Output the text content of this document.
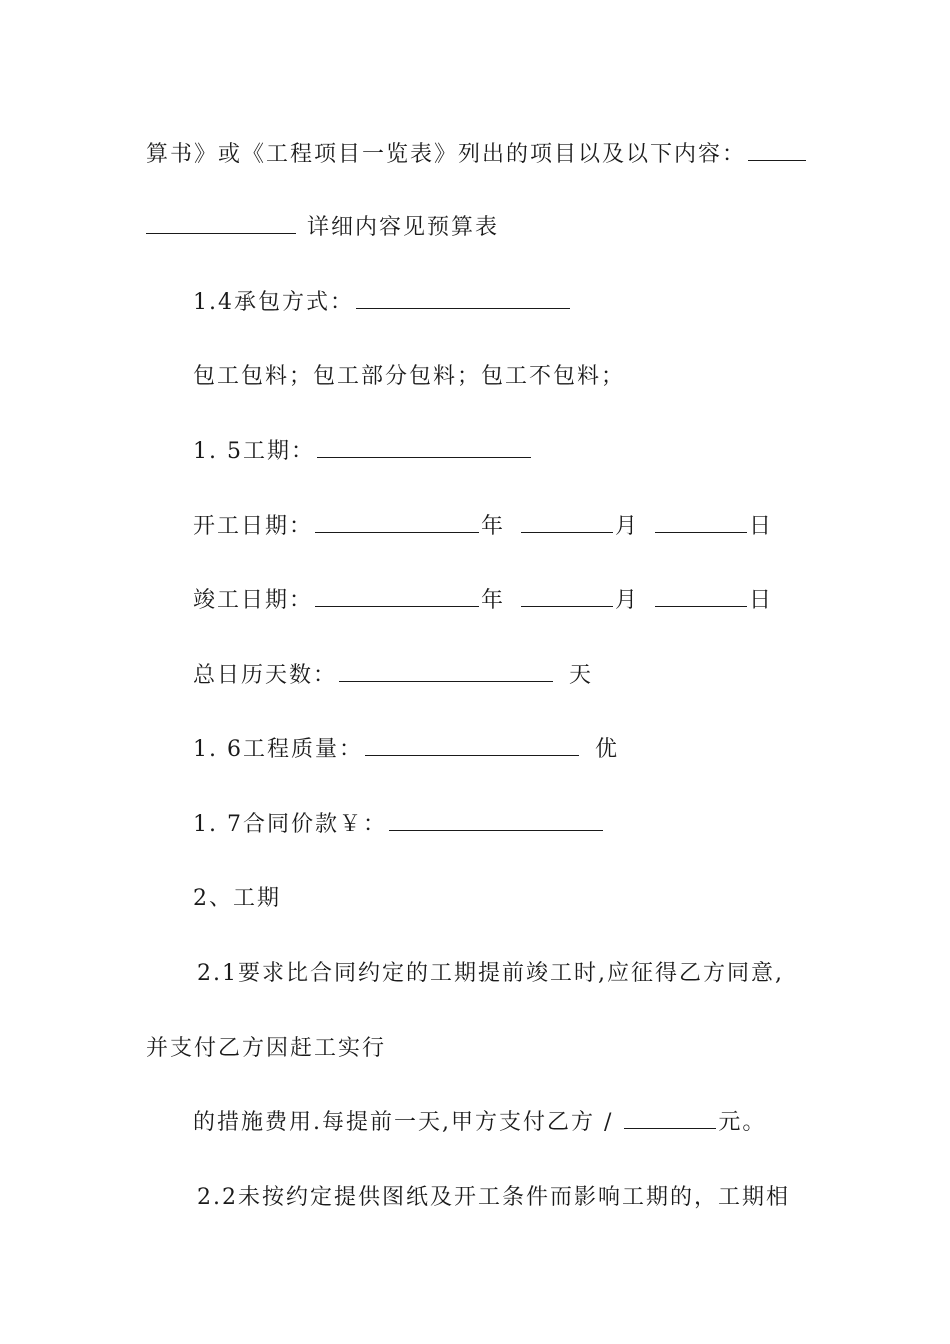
算书》或《工程项目一览表》列出的项目以及以下内容：
详细内容见预算表
1.4承包方式：
包工包料；包工部分包料；包工不包料；
1. 5工期：
开工日期：	年	月	日
竣工日期：	年	月	日
总日历天数：	天
1. 6工程质量：	优
1. 7合同价款￥：
2、工期
2.1要求比合同约定的工期提前竣工时,应征得乙方同意,
并支付乙方因赶工实行
的措施费用.每提前一天,甲方支付乙方 /	元。
2.2未按约定提供图纸及开工条件而影响工期的，工期相
